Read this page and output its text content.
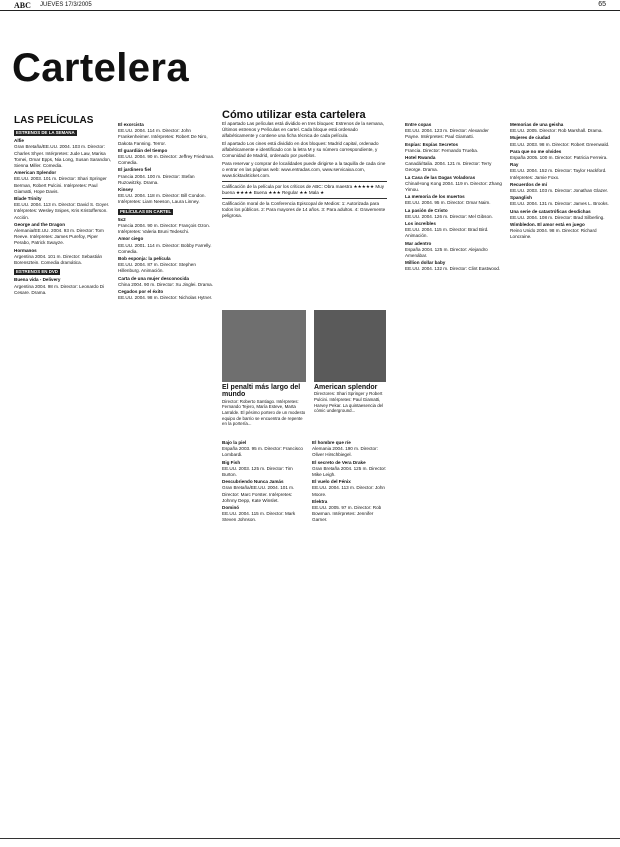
ABC JUEVES 17/3/2005	65
Cartelera
LAS PELÍCULAS
ESTRENOS DE LA SEMANA

Alfie
Gran Bretaña/EE.UU. 2004. 103 m. Director: Charles Shyer. Intérpretes: Jude Law, Marisa Tomei, Omar Epps, Nia Long, Susan Sarandon, Sienna Miller. Comedia.

American Splendor
EE.UU. 2003. 101 m. Director: Shari Springer Berman, Robert Pulcini. Intérpretes: Paul Giamatti, Hope Davis.

Blade Trinity
EE.UU. 2004. 113 m. Director: David S. Goyer. Intérpretes: Wesley Snipes, Kris Kristofferson. Acción.

George and the Dragon
Alemania/EE.UU. 2004. 93 m. Director: Tom Reeve. Intérpretes: James Purefoy, Piper Perabo, Patrick Swayze.

Hormanos
Argentina 2004. 101 m. Director: Sebastián Borensztein. Comedia dramática.

ESTRENOS EN DVD

Buena vida - Delivery
Argentina 2004. 98 m. Director: Leonardo Di Cesare. Drama.

El exorcista
EE.UU. 2004. 114 m. Director: John Frankenheimer. Intérpretes: Robert De Niro, Dakota Fanning. Terror.

El guardián del tiempo
EE.UU. 2004. 90 m. Director: Jeffrey Friedman. Comedia.

El jardinero fiel
Francia 2004. 100 m. Director: Stefan Ruzowitzky. Drama.

Kinsey
EE.UU. 2004. 118 m. Director: Bill Condon. Intérpretes: Liam Neeson, Laura Linney.

PELÍCULAS EN CARTEL

5x2
Francia 2004. 90 m. Director: François Ozon. Intérpretes: Valeria Bruni Tedeschi.

Amor ciego
EE.UU. 2001. 114 m. Director: Bobby Farrelly. Comedia.

Bob esponja: la película
EE.UU. 2004. 87 m. Director: Stephen Hillenburg. Animación.

Carta de una mujer desconocida
China 2004. 90 m. Director: Xu Jinglei. Drama.

Cegados por el éxito
EE.UU. 2004. 98 m. Director: Nicholas Hytner.

Cómo utilizar esta cartelera

El apartado Las películas está dividido en tres bloques: Estrenos de la semana, Últimos estrenos y Películas en cartel. Cada bloque está ordenado alfabéticamente y contiene una ficha técnica de cada película.

El apartado Los cines está dividido en dos bloques: Madrid capital, ordenado alfabéticamente e identificado con la letra M y su número correspondiente, y Comunidad de Madrid, ordenado por pueblos.

Para reservar y comprar de localidades puede dirigirse a la taquilla de cada cine o entrar en las páginas web: www.entradas.com, www.servicaixa.com, www.ticktackticket.com.

Calificación de la película por los críticos de ABC: Obra maestra ★★★★★ Muy buena ★★★★ Buena ★★★ Regular ★★ Mala ★

Calificación moral de la Conferencia Episcopal de Medios: 1: Autorizada para todos los públicos. 2: Para mayores de 14 años. 3: Para adultos. 4: Gravemente peligrosa.

El penalti más largo del mundo
Director: Roberto Santiago. Intérpretes: Fernando Tejero, María Esteve, Marta Larralde. El pésimo portero de un modesto equipo de barrio se encuentra de repente en la portería...
American splendor
Directores: Shari Springer y Robert Pulcini. Intérpretes: Paul Giamatti, Harvey Pekar. La quintaesencia del cómic underground...

Bajo la piel
España 2003. 95 m. Director: Francisco Lombardi.

Big Fish
EE.UU. 2003. 125 m. Director: Tim Burton.

Descubriendo Nunca Jamás
Gran Bretaña/EE.UU. 2004. 101 m. Director: Marc Forster. Intérpretes: Johnny Depp, Kate Winslet.

Dominó
EE.UU. 2004. 115 m. Director: Mark Steven Johnson.

El hombre que ríe
Alemania 2004. 190 m. Director: Oliver Hirschbiegel.

El secreto de Vera Drake
Gran Bretaña 2004. 125 m. Director: Mike Leigh.

El vuelo del Fénix
EE.UU. 2004. 113 m. Director: John Moore.

Elektra
EE.UU. 2005. 97 m. Director: Rob Bowman. Intérpretes: Jennifer Garner.

Entre copas
EE.UU. 2004. 123 m. Director: Alexander Payne. Intérpretes: Paul Giamatti.

Espías: Espías Secretos
Francia. Director: Fernando Trueba.

Hotel Rwanda
Canadá/Italia. 2004. 121 m. Director: Terry George. Drama.

La Casa de las Dagas Voladoras
China/Hong Kong 2004. 119 m. Director: Zhang Yimou.

La memoria de los muertos
EE.UU. 2004. 95 m. Director: Omar Naim.

La pasión de Cristo
EE.UU. 2004. 126 m. Director: Mel Gibson.

Los increíbles
EE.UU. 2004. 115 m. Director: Brad Bird. Animación.

Mar adentro
España 2004. 125 m. Director: Alejandro Amenábar.

Million dollar baby
EE.UU. 2004. 132 m. Director: Clint Eastwood.

Memorias de una geisha
EE.UU. 2005. Director: Rob Marshall. Drama.

Mujeres de ciudad
EE.UU. 2003. 98 m. Director: Robert Greenwald.

Para que no me olvides
España 2005. 100 m. Director: Patricia Ferreira.

Ray
EE.UU. 2004. 152 m. Director: Taylor Hackford. Intérpretes: Jamie Foxx.

Recuerdos de mí
EE.UU. 2003. 103 m. Director: Jonathan Glazer.

Spanglish
EE.UU. 2004. 131 m. Director: James L. Brooks.

Una serie de catastróficas desdichas
EE.UU. 2004. 108 m. Director: Brad Silberling.

Wimbledon. El amor está en juego
Reino Unido 2004. 98 m. Director: Richard Loncraine.
